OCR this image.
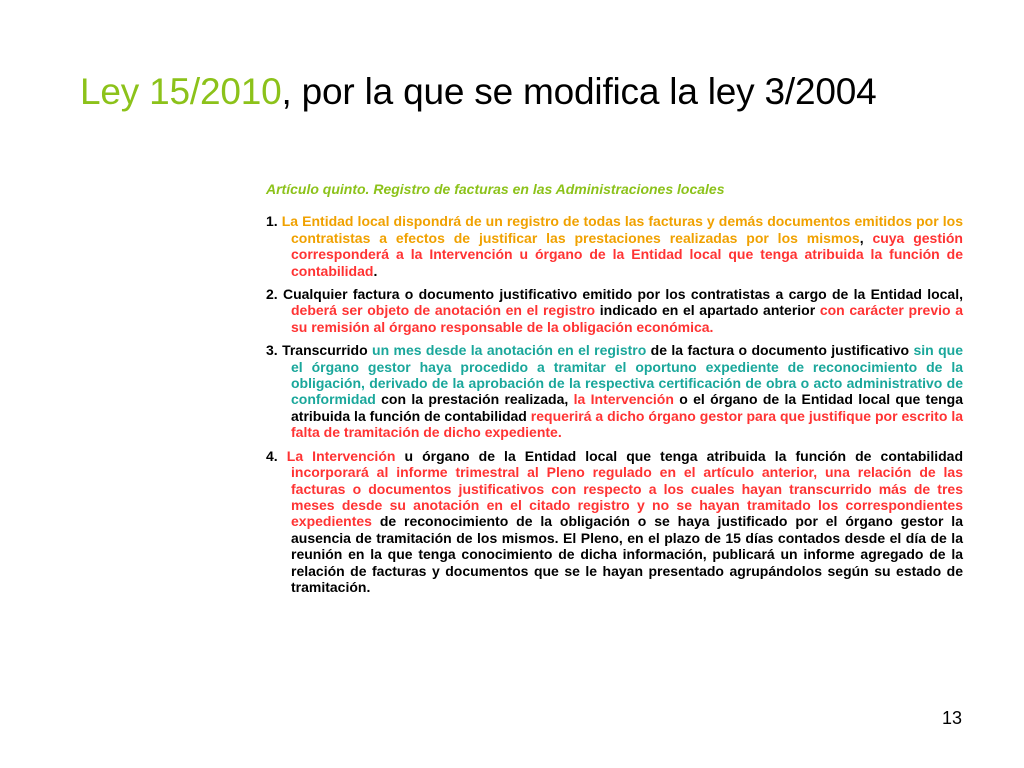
Ley 15/2010, por la que se modifica la ley 3/2004
Artículo quinto. Registro de facturas en las Administraciones locales

1. La Entidad local dispondrá de un registro de todas las facturas y demás documentos emitidos por los contratistas a efectos de justificar las prestaciones realizadas por los mismos, cuya gestión corresponderá a la Intervención u órgano de la Entidad local que tenga atribuida la función de contabilidad.

2. Cualquier factura o documento justificativo emitido por los contratistas a cargo de la Entidad local, deberá ser objeto de anotación en el registro indicado en el apartado anterior con carácter previo a su remisión al órgano responsable de la obligación económica.

3. Transcurrido un mes desde la anotación en el registro de la factura o documento justificativo sin que el órgano gestor haya procedido a tramitar el oportuno expediente de reconocimiento de la obligación, derivado de la aprobación de la respectiva certificación de obra o acto administrativo de conformidad con la prestación realizada, la Intervención o el órgano de la Entidad local que tenga atribuida la función de contabilidad requerirá a dicho órgano gestor para que justifique por escrito la falta de tramitación de dicho expediente.

4. La Intervención u órgano de la Entidad local que tenga atribuida la función de contabilidad incorporará al informe trimestral al Pleno regulado en el artículo anterior, una relación de las facturas o documentos justificativos con respecto a los cuales hayan transcurrido más de tres meses desde su anotación en el citado registro y no se hayan tramitado los correspondientes expedientes de reconocimiento de la obligación o se haya justificado por el órgano gestor la ausencia de tramitación de los mismos. El Pleno, en el plazo de 15 días contados desde el día de la reunión en la que tenga conocimiento de dicha información, publicará un informe agregado de la relación de facturas y documentos que se le hayan presentado agrupándolos según su estado de tramitación.

13
